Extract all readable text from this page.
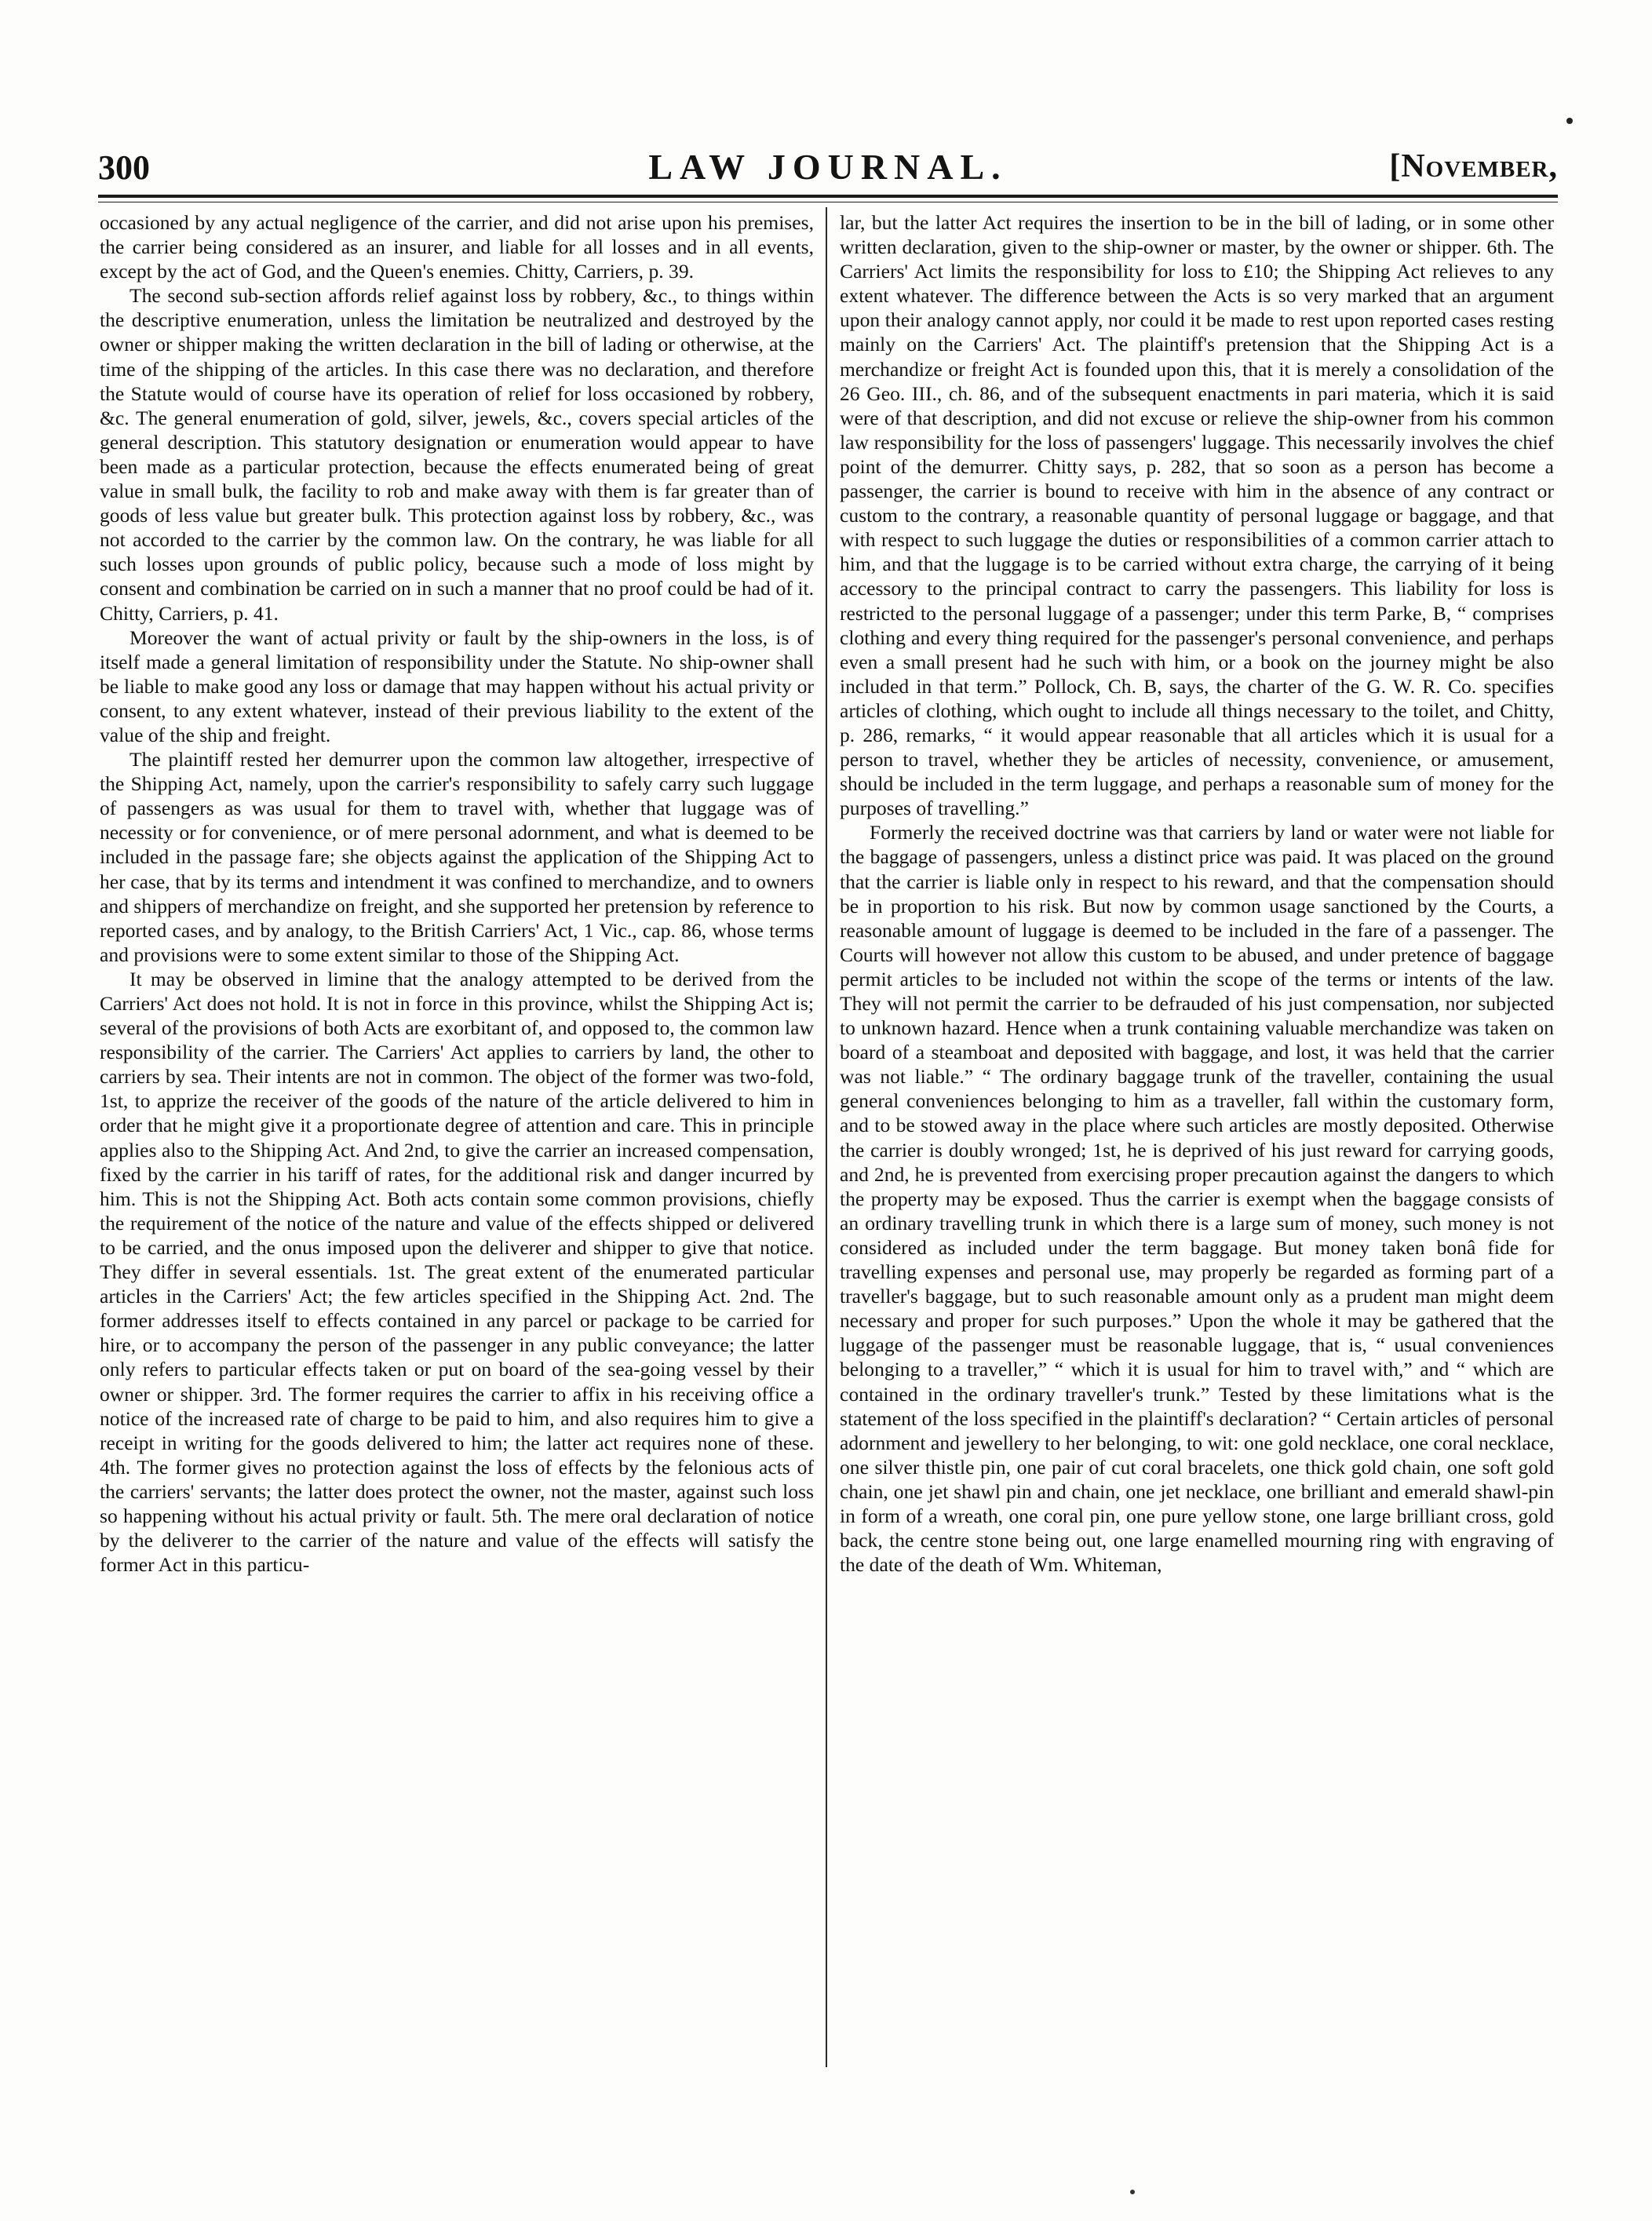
300	LAW JOURNAL.	[November,

occasioned by any actual negligence of the carrier, and did not arise upon his premises, the carrier being considered as an insurer, and liable for all losses and in all events, except by the act of God, and the Queen's enemies. Chitty, Carriers, p. 39.

The second sub-section affords relief against loss by robbery, &c., to things within the descriptive enumeration, unless the limitation be neutralized and destroyed by the owner or shipper making the written declaration in the bill of lading or otherwise, at the time of the shipping of the articles. In this case there was no declaration, and therefore the Statute would of course have its operation of relief for loss occasioned by robbery, &c. The general enumeration of gold, silver, jewels, &c., covers special articles of the general description. This statutory designation or enumeration would appear to have been made as a particular protection, because the effects enumerated being of great value in small bulk, the facility to rob and make away with them is far greater than of goods of less value but greater bulk. This protection against loss by robbery, &c., was not accorded to the carrier by the common law. On the contrary, he was liable for all such losses upon grounds of public policy, because such a mode of loss might by consent and combination be carried on in such a manner that no proof could be had of it. Chitty, Carriers, p. 41.

Moreover the want of actual privity or fault by the ship-owners in the loss, is of itself made a general limitation of responsibility under the Statute. No ship-owner shall be liable to make good any loss or damage that may happen without his actual privity or consent, to any extent whatever, instead of their previous liability to the extent of the value of the ship and freight.

The plaintiff rested her demurrer upon the common law altogether, irrespective of the Shipping Act, namely, upon the carrier's responsibility to safely carry such luggage of passengers as was usual for them to travel with, whether that luggage was of necessity or for convenience, or of mere personal adornment, and what is deemed to be included in the passage fare; she objects against the application of the Shipping Act to her case, that by its terms and intendment it was confined to merchandize, and to owners and shippers of merchandize on freight, and she supported her pretension by reference to reported cases, and by analogy, to the British Carriers' Act, 1 Vic., cap. 86, whose terms and provisions were to some extent similar to those of the Shipping Act.

It may be observed in limine that the analogy attempted to be derived from the Carriers' Act does not hold. It is not in force in this province, whilst the Shipping Act is; several of the provisions of both Acts are exorbitant of, and opposed to, the common law responsibility of the carrier. The Carriers' Act applies to carriers by land, the other to carriers by sea. Their intents are not in common. The object of the former was two-fold, 1st, to apprize the receiver of the goods of the nature of the article delivered to him in order that he might give it a proportionate degree of attention and care. This in principle applies also to the Shipping Act. And 2nd, to give the carrier an increased compensation, fixed by the carrier in his tariff of rates, for the additional risk and danger incurred by him. This is not the Shipping Act. Both acts contain some common provisions, chiefly the requirement of the notice of the nature and value of the effects shipped or delivered to be carried, and the onus imposed upon the deliverer and shipper to give that notice. They differ in several essentials. 1st. The great extent of the enumerated particular articles in the Carriers' Act; the few articles specified in the Shipping Act. 2nd. The former addresses itself to effects contained in any parcel or package to be carried for hire, or to accompany the person of the passenger in any public conveyance; the latter only refers to particular effects taken or put on board of the sea-going vessel by their owner or shipper. 3rd. The former requires the carrier to affix in his receiving office a notice of the increased rate of charge to be paid to him, and also requires him to give a receipt in writing for the goods delivered to him; the latter act requires none of these. 4th. The former gives no protection against the loss of effects by the felonious acts of the carriers' servants; the latter does protect the owner, not the master, against such loss so happening without his actual privity or fault. 5th. The mere oral declaration of notice by the deliverer to the carrier of the nature and value of the effects will satisfy the former Act in this particu-

lar, but the latter Act requires the insertion to be in the bill of lading, or in some other written declaration, given to the ship-owner or master, by the owner or shipper. 6th. The Carriers' Act limits the responsibility for loss to £10; the Shipping Act relieves to any extent whatever. The difference between the Acts is so very marked that an argument upon their analogy cannot apply, nor could it be made to rest upon reported cases resting mainly on the Carriers' Act. The plaintiff's pretension that the Shipping Act is a merchandize or freight Act is founded upon this, that it is merely a consolidation of the 26 Geo. III., ch. 86, and of the subsequent enactments in pari materia, which it is said were of that description, and did not excuse or relieve the ship-owner from his common law responsibility for the loss of passengers' luggage. This necessarily involves the chief point of the demurrer. Chitty says, p. 282, that so soon as a person has become a passenger, the carrier is bound to receive with him in the absence of any contract or custom to the contrary, a reasonable quantity of personal luggage or baggage, and that with respect to such luggage the duties or responsibilities of a common carrier attach to him, and that the luggage is to be carried without extra charge, the carrying of it being accessory to the principal contract to carry the passengers. This liability for loss is restricted to the personal luggage of a passenger; under this term Parke, B, “ comprises clothing and every thing required for the passenger's personal convenience, and perhaps even a small present had he such with him, or a book on the journey might be also included in that term.” Pollock, Ch. B, says, the charter of the G. W. R. Co. specifies articles of clothing, which ought to include all things necessary to the toilet, and Chitty, p. 286, remarks, “ it would appear reasonable that all articles which it is usual for a person to travel, whether they be articles of necessity, convenience, or amusement, should be included in the term luggage, and perhaps a reasonable sum of money for the purposes of travelling.”

Formerly the received doctrine was that carriers by land or water were not liable for the baggage of passengers, unless a distinct price was paid. It was placed on the ground that the carrier is liable only in respect to his reward, and that the compensation should be in proportion to his risk. But now by common usage sanctioned by the Courts, a reasonable amount of luggage is deemed to be included in the fare of a passenger. The Courts will however not allow this custom to be abused, and under pretence of baggage permit articles to be included not within the scope of the terms or intents of the law. They will not permit the carrier to be defrauded of his just compensation, nor subjected to unknown hazard. Hence when a trunk containing valuable merchandize was taken on board of a steamboat and deposited with baggage, and lost, it was held that the carrier was not liable.” “ The ordinary baggage trunk of the traveller, containing the usual general conveniences belonging to him as a traveller, fall within the customary form, and to be stowed away in the place where such articles are mostly deposited. Otherwise the carrier is doubly wronged; 1st, he is deprived of his just reward for carrying goods, and 2nd, he is prevented from exercising proper precaution against the dangers to which the property may be exposed. Thus the carrier is exempt when the baggage consists of an ordinary travelling trunk in which there is a large sum of money, such money is not considered as included under the term baggage. But money taken bonâ fide for travelling expenses and personal use, may properly be regarded as forming part of a traveller's baggage, but to such reasonable amount only as a prudent man might deem necessary and proper for such purposes.” Upon the whole it may be gathered that the luggage of the passenger must be reasonable luggage, that is, “ usual conveniences belonging to a traveller,” “ which it is usual for him to travel with,” and “ which are contained in the ordinary traveller's trunk.” Tested by these limitations what is the statement of the loss specified in the plaintiff's declaration? “ Certain articles of personal adornment and jewellery to her belonging, to wit: one gold necklace, one coral necklace, one silver thistle pin, one pair of cut coral bracelets, one thick gold chain, one soft gold chain, one jet shawl pin and chain, one jet necklace, one brilliant and emerald shawl-pin in form of a wreath, one coral pin, one pure yellow stone, one large brilliant cross, gold back, the centre stone being out, one large enamelled mourning ring with engraving of the date of the death of Wm. Whiteman,
